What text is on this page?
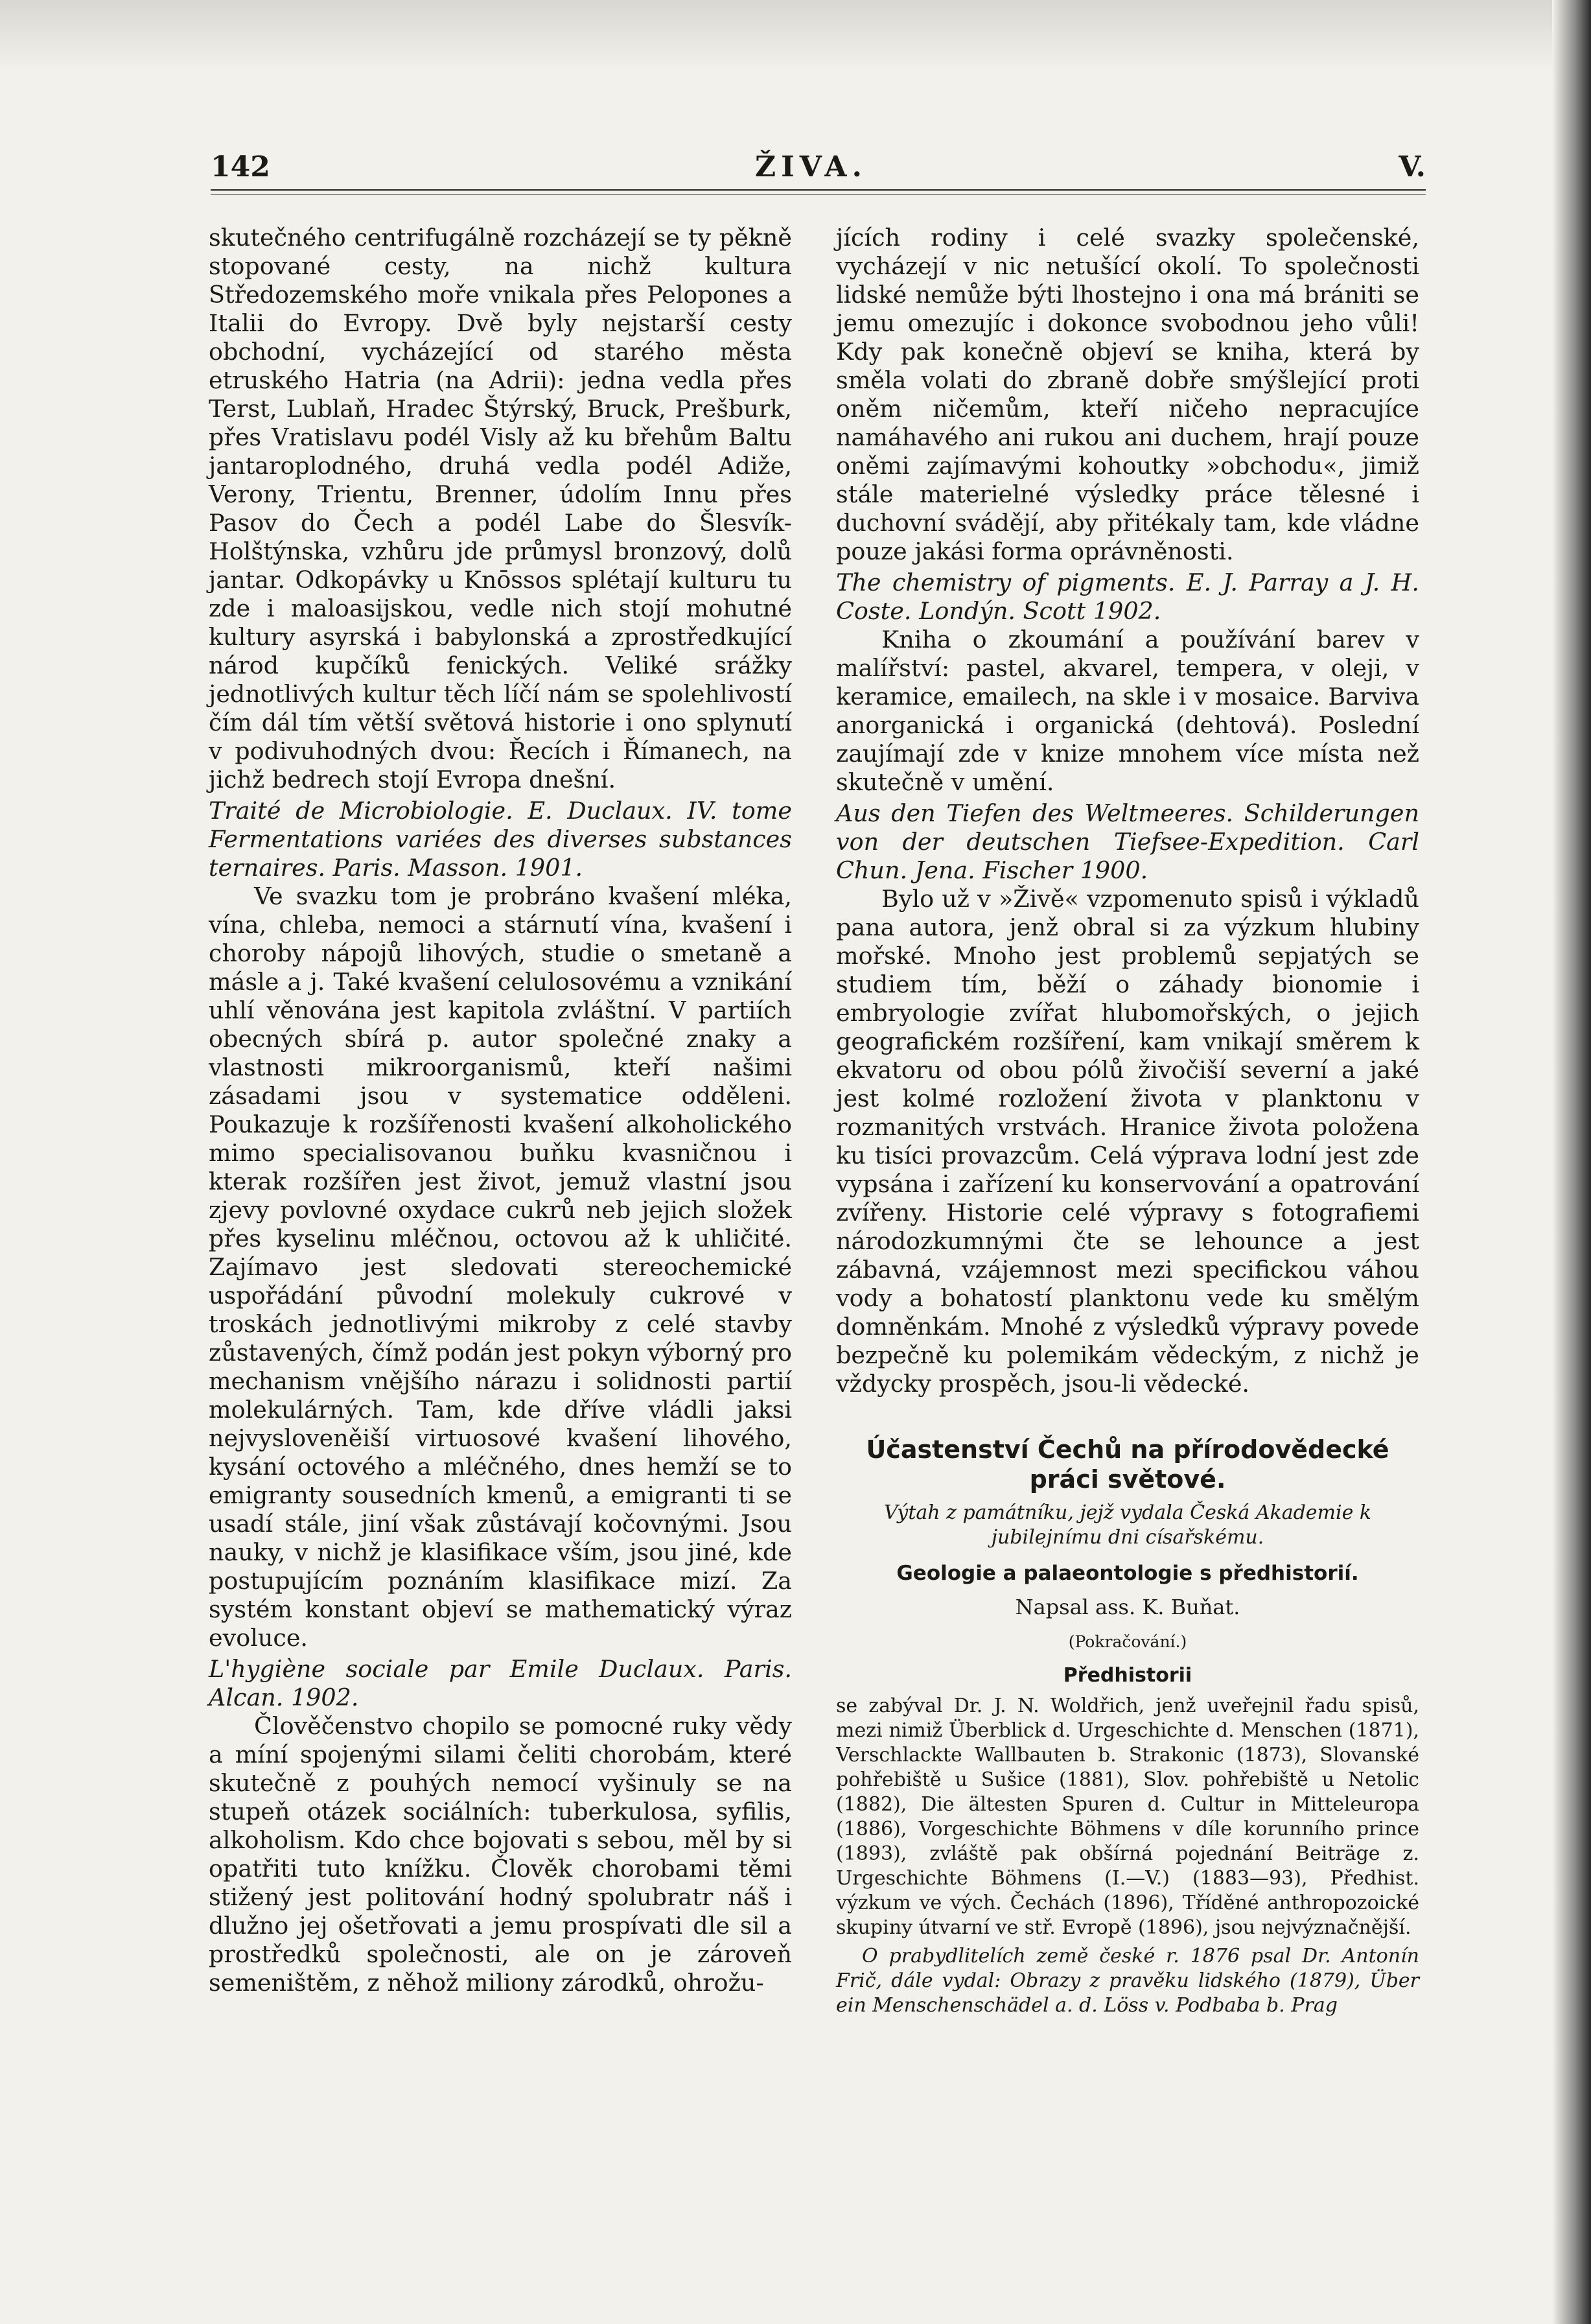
142	ŽIVA.	V.

skutečného centrifugálně rozcházejí se ty pěkně stopované cesty, na nichž kultura Středozemského moře vnikala přes Pelopones a Italii do Evropy. Dvě byly nejstarší cesty obchodní, vycházející od starého města etruského Hatria (na Adrii): jedna vedla přes Terst, Lublaň, Hradec Štýrský, Bruck, Prešburk, přes Vratislavu podél Visly až ku břehům Baltu jantaroplodného, druhá vedla podél Adiže, Verony, Trientu, Brenner, údolím Innu přes Pasov do Čech a podél Labe do Šlesvík-Holštýnska, vzhůru jde průmysl bronzový, dolů jantar. Odkopávky u Knōssos splétají kulturu tu zde i maloasijskou, vedle nich stojí mohutné kultury asyrská i babylonská a zprostředkující národ kupčíků fenických. Veliké srážky jednotlivých kultur těch líčí nám se spolehlivostí čím dál tím větší světová historie i ono splynutí v podivuhodných dvou: Řecích i Římanech, na jichž bedrech stojí Evropa dnešní.

Traité de Microbiologie. E. Duclaux. IV. tome Fermentations variées des diverses substances ternaires. Paris. Masson. 1901.

Ve svazku tom je probráno kvašení mléka, vína, chleba, nemoci a stárnutí vína, kvašení i choroby nápojů lihových, studie o smetaně a másle a j. Také kvašení celulosovému a vznikání uhlí věnována jest kapitola zvláštní. V partiích obecných sbírá p. autor společné znaky a vlastnosti mikroorganismů, kteří našimi zásadami jsou v systematice odděleni. Poukazuje k rozšířenosti kvašení alkoholického mimo specialisovanou buňku kvasničnou i kterak rozšířen jest život, jemuž vlastní jsou zjevy povlovné oxydace cukrů neb jejich složek přes kyselinu mléčnou, octovou až k uhličité. Zajímavo jest sledovati stereochemické uspořádání původní molekuly cukrové v troskách jednotlivými mikroby z celé stavby zůstavených, čímž podán jest pokyn výborný pro mechanism vnějšího nárazu i solidnosti partií molekulárných. Tam, kde dříve vládli jaksi nejvysloveněiší virtuosové kvašení lihového, kysání octového a mléčného, dnes hemží se to emigranty sousedních kmenů, a emigranti ti se usadí stále, jiní však zůstávají kočovnými. Jsou nauky, v nichž je klasifikace vším, jsou jiné, kde postupujícím poznáním klasifikace mizí. Za systém konstant objeví se mathematický výraz evoluce.

L'hygiène sociale par Emile Duclaux. Paris. Alcan. 1902.

Člověčenstvo chopilo se pomocné ruky vědy a míní spojenými silami čeliti chorobám, které skutečně z pouhých nemocí vyšinuly se na stupeň otázek sociálních: tuberkulosa, syfilis, alkoholism. Kdo chce bojovati s sebou, měl by si opatřiti tuto knížku. Člověk chorobami těmi stižený jest politování hodný spolubratr náš i dlužno jej ošetřovati a jemu prospívati dle sil a prostředků společnosti, ale on je zároveň semeništěm, z něhož miliony zárodků, ohrožu-

jících rodiny i celé svazky společenské, vycházejí v nic netušící okolí. To společnosti lidské nemůže býti lhostejno i ona má brániti se jemu omezujíc i dokonce svobodnou jeho vůli! Kdy pak konečně objeví se kniha, která by směla volati do zbraně dobře smýšlející proti oněm ničemům, kteří ničeho nepracujíce namáhavého ani rukou ani duchem, hrají pouze oněmi zajímavými kohoutky »obchodu«, jimiž stále materielné výsledky práce tělesné i duchovní svádějí, aby přitékaly tam, kde vládne pouze jakási forma oprávněnosti.

The chemistry of pigments. E. J. Parray a J. H. Coste. Londýn. Scott 1902.

Kniha o zkoumání a používání barev v malířství: pastel, akvarel, tempera, v oleji, v keramice, emailech, na skle i v mosaice. Barviva anorganická i organická (dehtová). Poslední zaujímají zde v knize mnohem více místa než skutečně v umění.

Aus den Tiefen des Weltmeeres. Schilderungen von der deutschen Tiefsee-Expedition. Carl Chun. Jena. Fischer 1900.

Bylo už v »Živě« vzpomenuto spisů i výkladů pana autora, jenž obral si za výzkum hlubiny mořské. Mnoho jest problemů sepjatých se studiem tím, běží o záhady bionomie i embryologie zvířat hlubomořských, o jejich geografickém rozšíření, kam vnikají směrem k ekvatoru od obou pólů živočiší severní a jaké jest kolmé rozložení života v planktonu v rozmanitých vrstvách. Hranice života položena ku tisíci provazcům. Celá výprava lodní jest zde vypsána i zařízení ku konservování a opatrování zvířeny. Historie celé výpravy s fotografiemi národozkumnými čte se lehounce a jest zábavná, vzájemnost mezi specifickou váhou vody a bohatostí planktonu vede ku smělým domněnkám. Mnohé z výsledků výpravy povede bezpečně ku polemikám vědeckým, z nichž je vždycky prospěch, jsou-li vědecké.

Účastenství Čechů na přírodovědecké práci světové.

Výtah z památníku, jejž vydala Česká Akademie k jubilejnímu dni císařskému.

Geologie a palaeontologie s předhistorií.

Napsal ass. K. Buňat.

(Pokračování.)

Předhistorii

se zabýval Dr. J. N. Woldřich, jenž uveřejnil řadu spisů, mezi nimiž Überblick d. Urgeschichte d. Menschen (1871), Verschlackte Wallbauten b. Strakonic (1873), Slovanské pohřebiště u Sušice (1881), Slov. pohřebiště u Netolic (1882), Die ältesten Spuren d. Cultur in Mitteleuropa (1886), Vorgeschichte Böhmens v díle korunního prince (1893), zvláště pak obšírná pojednání Beiträge z. Urgeschichte Böhmens (I.—V.) (1883—93), Předhist. výzkum ve vých. Čechách (1896), Tříděné anthropozoické skupiny útvarní ve stř. Evropě (1896), jsou nejvýznačnější.

O prabydlitelích země české r. 1876 psal Dr. Antonín Frič, dále vydal: Obrazy z pravěku lidského (1879), Über ein Menschenschädel a. d. Löss v. Podbaba b. Prag
